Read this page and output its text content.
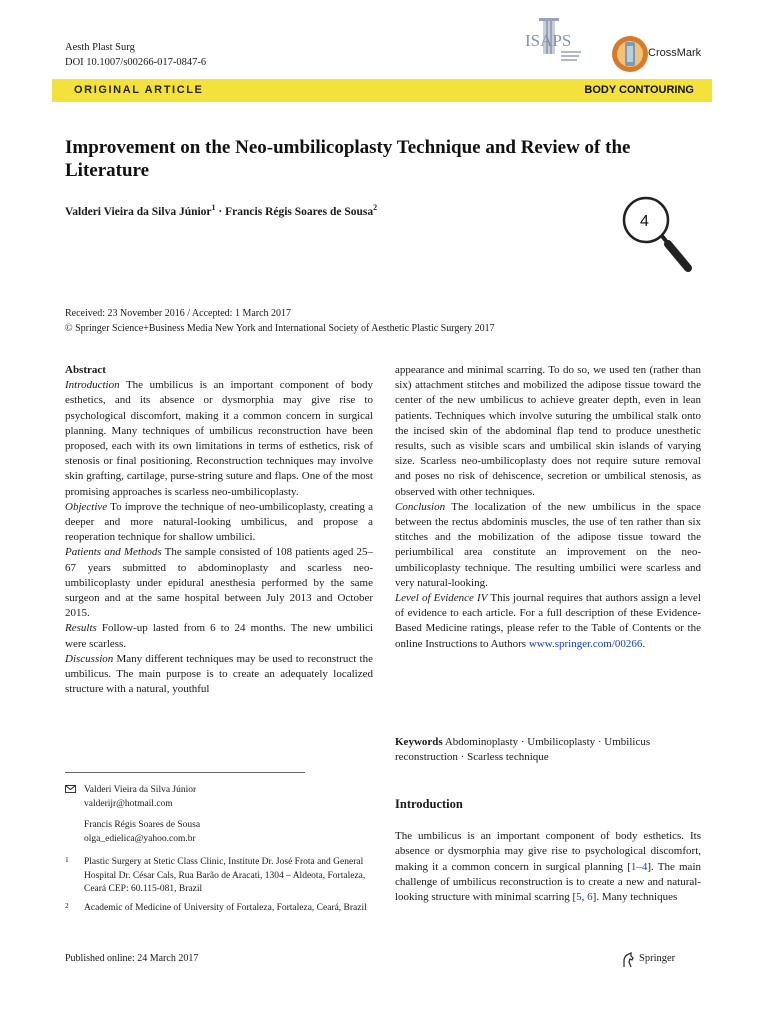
Aesth Plast Surg
DOI 10.1007/s00266-017-0847-6
ISAPS
CrossMark
ORIGINAL ARTICLE	BODY CONTOURING
Improvement on the Neo-umbilicoplasty Technique and Review of the Literature
Valderi Vieira da Silva Júnior$^1$ · Francis Régis Soares de Sousa$^2$
4
Received: 23 November 2016 / Accepted: 1 March 2017
© Springer Science+Business Media New York and International Society of Aesthetic Plastic Surgery 2017

Abstract

Introduction The umbilicus is an important component of body esthetics, and its absence or dysmorphia may give rise to psychological discomfort, making it a common concern in surgical planning. Many techniques of umbilicus reconstruction have been proposed, each with its own limitations in terms of esthetics, risk of stenosis or final positioning. Reconstruction techniques may involve skin grafting, cartilage, purse-string suture and flaps. One of the most promising approaches is scarless neo-umbilicoplasty.

Objective To improve the technique of neo-umbilicoplasty, creating a deeper and more natural-looking umbilicus, and propose a reoperation technique for shallow umbilici.

Patients and Methods The sample consisted of 108 patients aged 25–67 years submitted to abdominoplasty and scarless neo-umbilicoplasty under epidural anesthesia performed by the same surgeon and at the same hospital between July 2013 and October 2015.

Results Follow-up lasted from 6 to 24 months. The new umbilici were scarless.

Discussion Many different techniques may be used to reconstruct the umbilicus. The main purpose is to create an adequately localized structure with a natural, youthful

appearance and minimal scarring. To do so, we used ten (rather than six) attachment stitches and mobilized the adipose tissue toward the center of the new umbilicus to achieve greater depth, even in lean patients. Techniques which involve suturing the umbilical stalk onto the incised skin of the abdominal flap tend to produce unesthetic results, such as visible scars and umbilical skin islands of varying size. Scarless neo-umbilicoplasty does not require suture removal and poses no risk of dehiscence, secretion or umbilical stenosis, as observed with other techniques.

Conclusion The localization of the new umbilicus in the space between the rectus abdominis muscles, the use of ten rather than six stitches and the mobilization of the adipose tissue toward the periumbilical area constitute an improvement on the neo-umbilicoplasty technique. The resulting umbilici were scarless and very natural-looking.

Level of Evidence IV This journal requires that authors assign a level of evidence to each article. For a full description of these Evidence-Based Medicine ratings, please refer to the Table of Contents or the online Instructions to Authors www.springer.com/00266.

Keywords Abdominoplasty · Umbilicoplasty · Umbilicus reconstruction · Scarless technique
Valderi Vieira da Silva Júnior
valderijr@hotmail.com
Francis Régis Soares de Sousa
olga_edielica@yahoo.com.br
1 Plastic Surgery at Stetic Class Clinic, Institute Dr. José Frota and General Hospital Dr. César Cals, Rua Barão de Aracati, 1304 – Aldeota, Fortaleza, Ceará CEP: 60.115-081, Brazil
2 Academic of Medicine of University of Fortaleza, Fortaleza, Ceará, Brazil
Introduction
The umbilicus is an important component of body esthetics. Its absence or dysmorphia may give rise to psychological discomfort, making it a common concern in surgical planning [1–4]. The main challenge of umbilicus reconstruction is to create a new and natural-looking structure with minimal scarring [5, 6]. Many techniques
Published online: 24 March 2017	Springer
